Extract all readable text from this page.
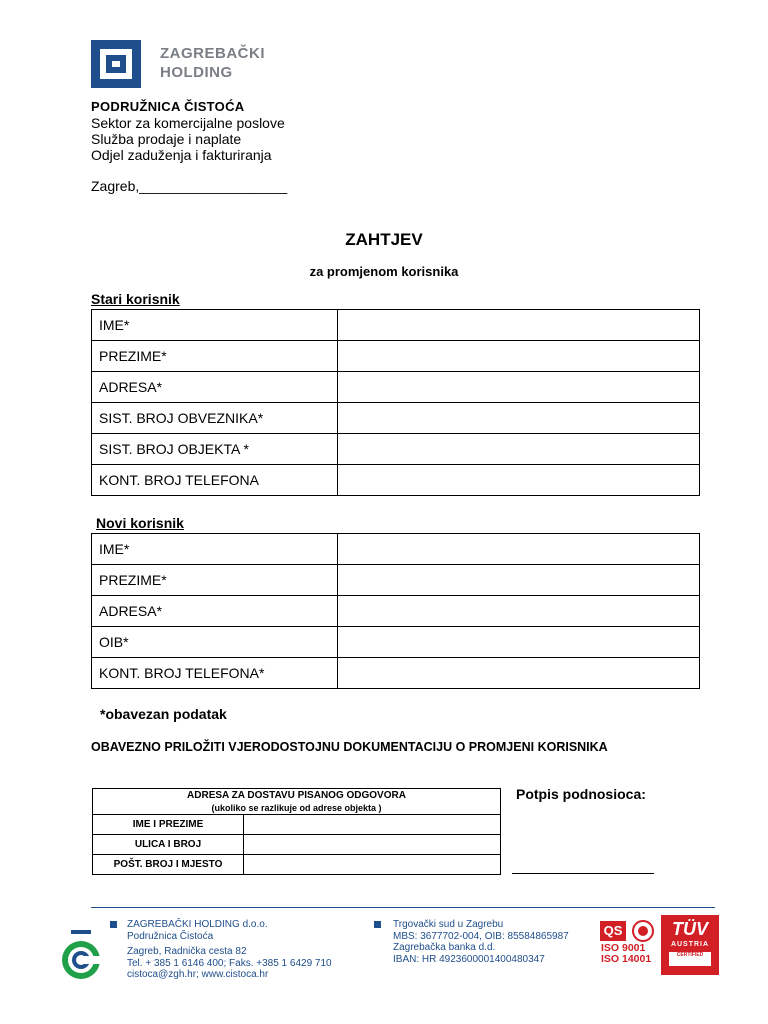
ZAGREBAČKI
HOLDING
PODRUŽNICA ČISTOĆA
Sektor za komercijalne poslove
Služba prodaje i naplate
Odjel zaduženja i fakturiranja
Zagreb,___________________
ZAHTJEV
za promjenom korisnika
Stari korisnik
IME*	
PREZIME*	
ADRESA*	
SIST. BROJ OBVEZNIKA*	
SIST. BROJ OBJEKTA *	
KONT. BROJ TELEFONA	
Novi korisnik
IME*	
PREZIME*	
ADRESA*	
OIB*	
KONT. BROJ TELEFONA*	
*obavezan podatak
OBAVEZNO PRILOŽITI VJERODOSTOJNU DOKUMENTACIJU O PROMJENI KORISNIKA
ADRESA ZA DOSTAVU PISANOG ODGOVORA
(ukoliko se razlikuje od adrese objekta )	

IME I PREZIME	
ULICA I BROJ	
POŠT. BROJ I MJESTO	
Potpis podnosioca:
ZAGREBAČKI HOLDING d.o.o.
Podružnica Čistoća
Zagreb, Radnička cesta 82
Tel. + 385 1 6146 400; Faks. +385 1 6429 710
cistoca@zgh.hr; www.cistoca.hr
Trgovački sud u Zagrebu
MBS: 3677702-004, OIB: 85584865987
Zagrebačka banka d.d.
IBAN: HR 4923600001400480347
QS
ISO 9001
ISO 14001
TÜV
AUSTRIA
CERTIFIED
